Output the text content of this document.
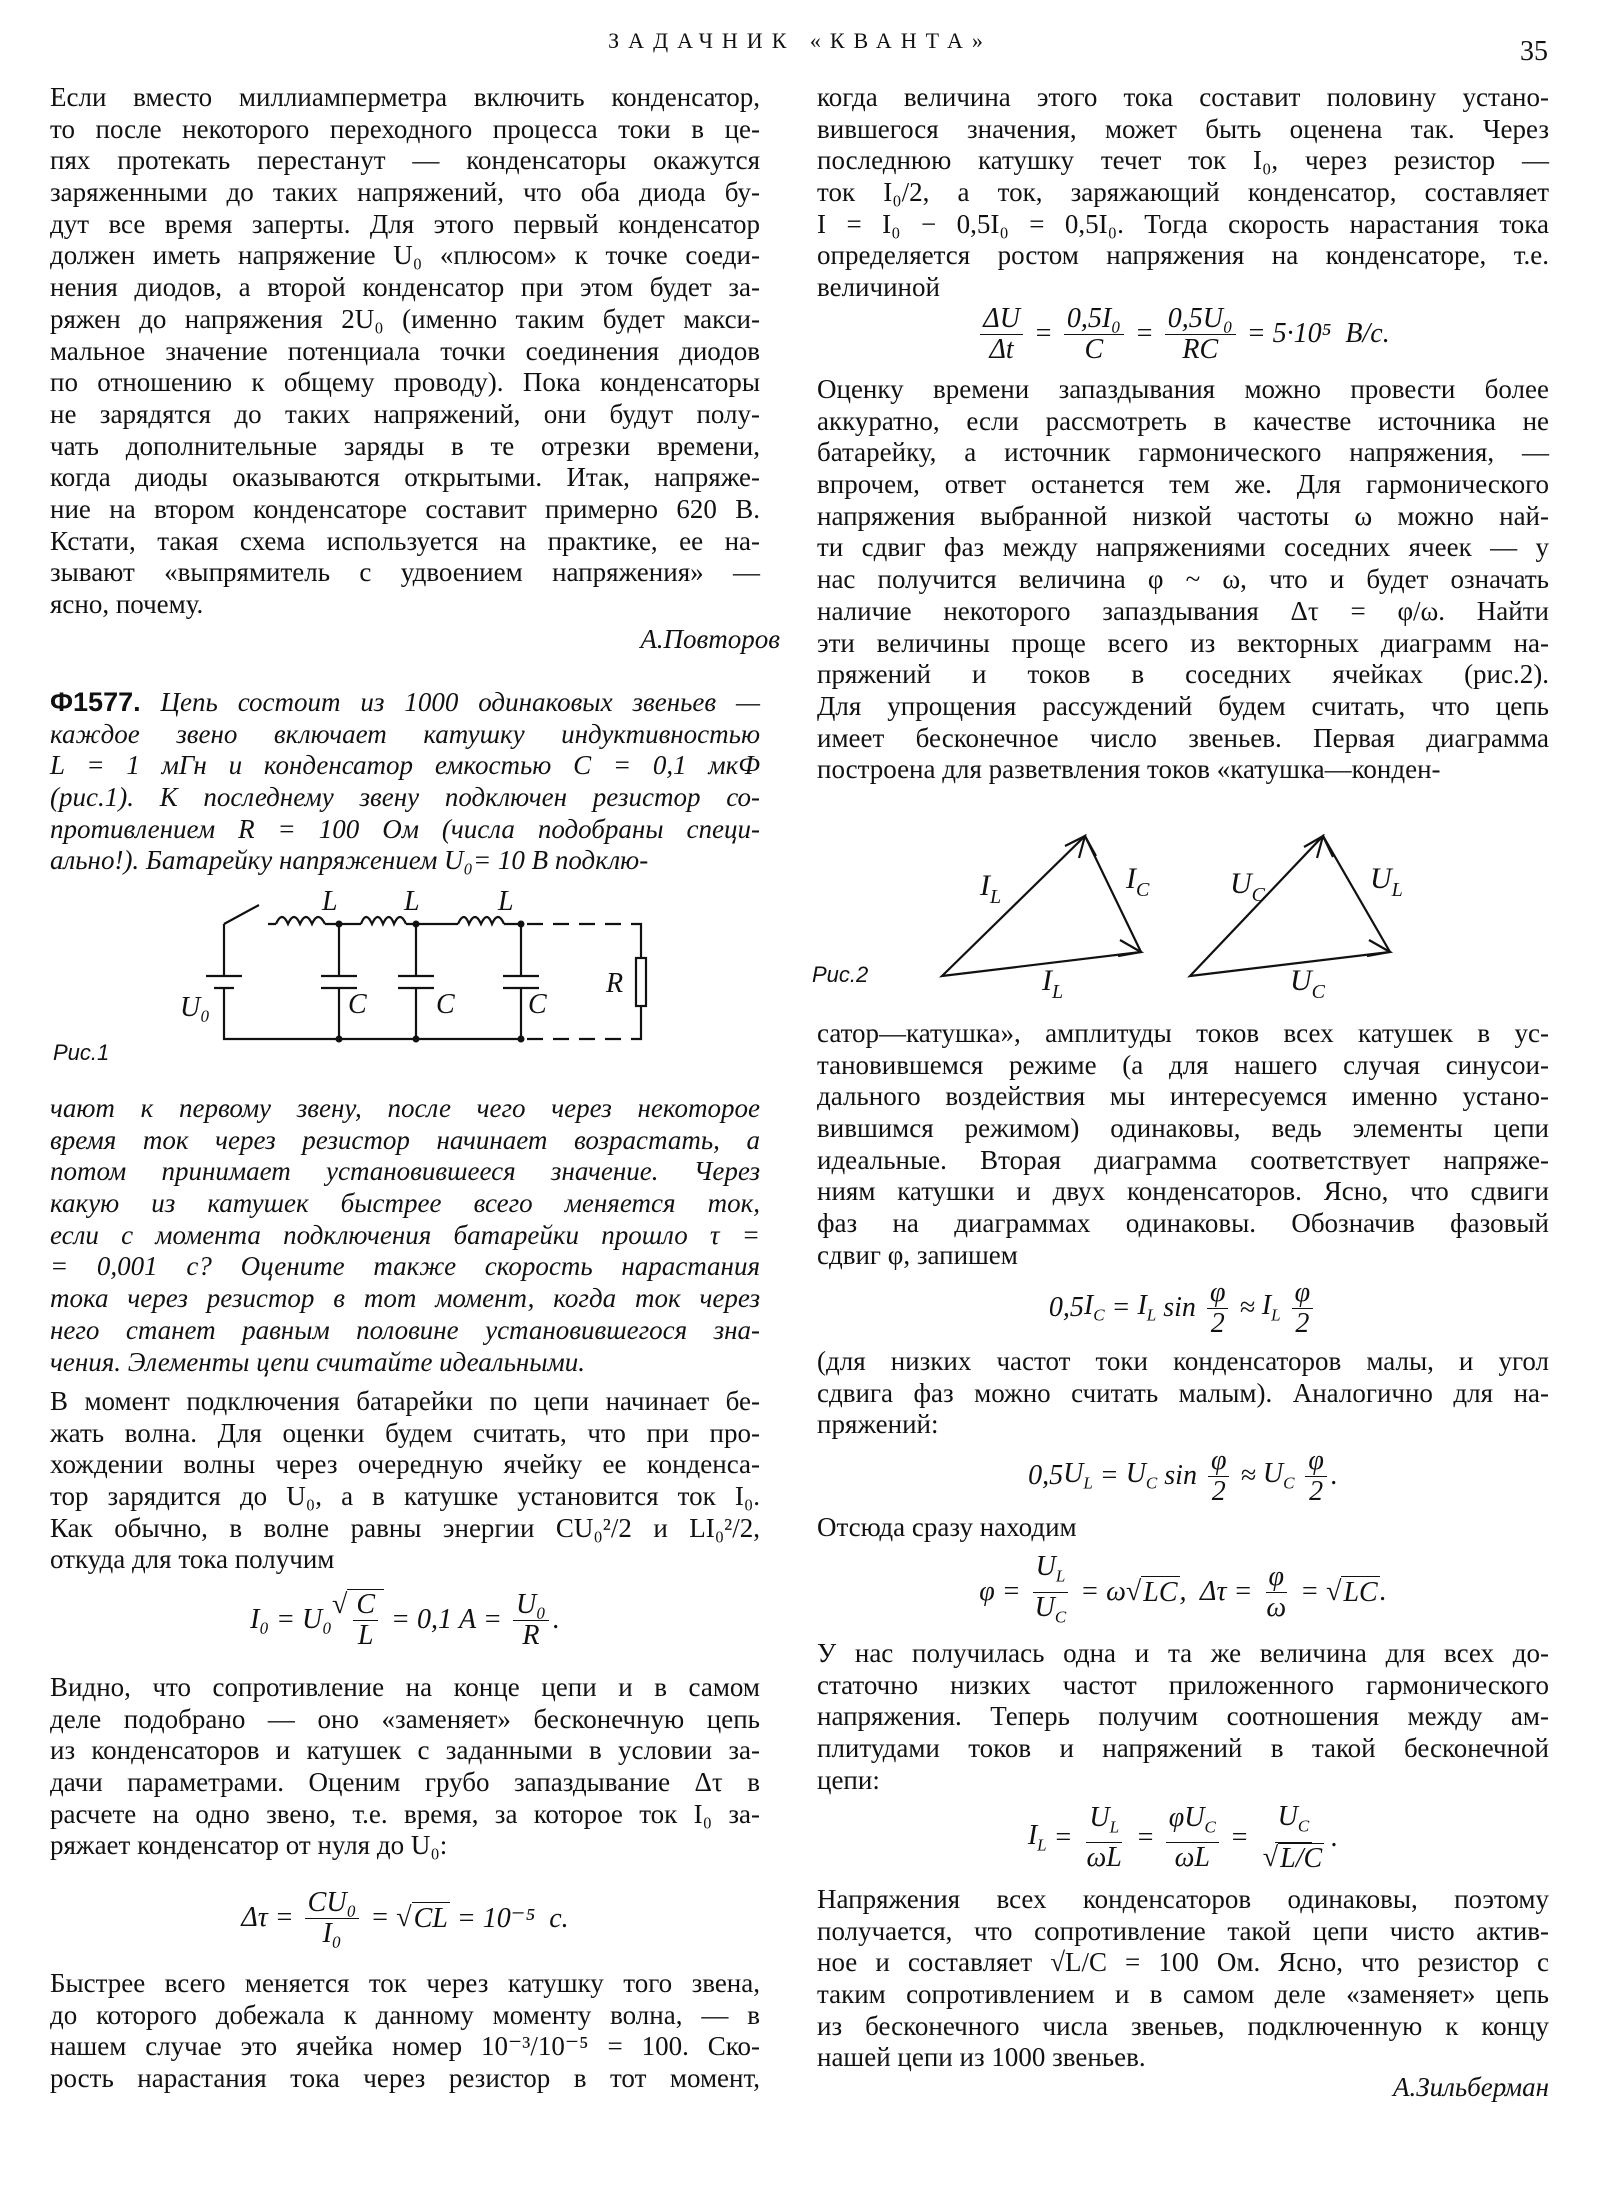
ЗАДАЧНИК «КВАНТА»	35
Если вместо миллиамперметра включить конденсатор,
то после некоторого переходного процесса токи в це-
пях протекать перестанут — конденсаторы окажутся
заряженными до таких напряжений, что оба диода бу-
дут все время заперты. Для этого первый конденсатор
должен иметь напряжение U₀ «плюсом» к точке соеди-
нения диодов, а второй конденсатор при этом будет за-
ряжен до напряжения 2U₀ (именно таким будет макси-
мальное значение потенциала точки соединения диодов
по отношению к общему проводу). Пока конденсаторы
не зарядятся до таких напряжений, они будут полу-
чать дополнительные заряды в те отрезки времени,
когда диоды оказываются открытыми. Итак, напряже-
ние на втором конденсаторе составит примерно 620 В.
Кстати, такая схема используется на практике, ее на-
зывают «выпрямитель с удвоением напряжения» —
ясно, почему.
А.Повторов
Ф1577. Цепь состоит из 1000 одинаковых звеньев —
каждое звено включает катушку индуктивностью
L = 1 мГн и конденсатор емкостью C = 0,1 мкФ
(рис.1). К последнему звену подключен резистор со-
противлением R = 100 Ом (числа подобраны специ-
ально!). Батарейку напряжением U₀= 10 В подклю-
L L	L
C C	C
U₀
R
Рис.1
чают к первому звену, после чего через некоторое
время ток через резистор начинает возрастать, а
потом принимает установившееся значение. Через
какую из катушек быстрее всего меняется ток,
если с момента подключения батарейки прошло τ =
= 0,001 с? Оцените также скорость нарастания
тока через резистор в тот момент, когда ток через
него станет равным половине установившегося зна-
чения. Элементы цепи считайте идеальными.
В момент подключения батарейки по цепи начинает бе-
жать волна. Для оценки будем считать, что при про-
хождении волны через очередную ячейку ее конденса-
тор зарядится до U₀, а в катушке установится ток I₀.
Как обычно, в волне равны энергии CU₀²/2 и LI₀²/2,
откуда для тока получим
I₀ = U₀ √ $\frac{C}{L} = 0,1$ $А = \frac{\text{U₀}}{R}$ .
Видно, что сопротивление на конце цепи и в самом
деле подобрано — оно «заменяет» бесконечную цепь
из конденсаторов и катушек с заданными в условии за-
дачи параметрами. Оценим грубо запаздывание Δτ в
расчете на одно звено, т.е. время, за которое ток I₀ за-
ряжает конденсатор от нуля до U₀:
$\Delta\tau = \frac{\text{CU₀}}{\text{I₀}}$ = √ CL = 10⁻⁵  с.
Быстрее всего меняется ток через катушку того звена,
до которого добежала к данному моменту волна, — в
нашем случае это ячейка номер 10⁻³/10⁻⁵ = 100. Ско-
рость нарастания тока через резистор в тот момент,
когда величина этого тока составит половину устано-
вившегося значения, может быть оценена так. Через
последнюю катушку течет ток I₀, через резистор —
ток I₀/2, а ток, заряжающий конденсатор, составляет
I = I₀ − 0,5I₀ = 0,5I₀. Тогда скорость нарастания тока
определяется ростом напряжения на конденсаторе, т.е.
величиной
$\frac{\Delta U}{\Delta t} = \frac{\text{0,5I₀}}{C} = \frac{\text{0,5U₀}}{RC} = 5\cdot 10^5$  В/с.
Оценку времени запаздывания можно провести более
аккуратно, если рассмотреть в качестве источника не
батарейку, а источник гармонического напряжения, —
впрочем, ответ останется тем же. Для гармонического
напряжения выбранной низкой частоты ω можно най-
ти сдвиг фаз между напряжениями соседних ячеек — у
нас получится величина φ ~ ω, что и будет означать
наличие некоторого запаздывания Δτ = φ/ω. Найти
эти величины проще всего из векторных диаграмм на-
пряжений и токов в соседних ячейках (рис.2).
Для упрощения рассуждений будем считать, что цепь
имеет бесконечное число звеньев. Первая диаграмма
построена для разветвления токов «катушка—конден-
$I_L$
$I_C$
$I_L$
$U_C$	$U_L$
$U_C$
Рис.2
сатор—катушка», амплитуды токов всех катушек в ус-
тановившемся режиме (а для нашего случая синусои-
дального воздействия мы интересуемся именно устано-
вившимся режимом) одинаковы, ведь элементы цепи
идеальные. Вторая диаграмма соответствует напряже-
ниям катушки и двух конденсаторов. Ясно, что сдвиги
фаз на диаграммах одинаковы. Обозначив фазовый
сдвиг φ, запишем
0,5 $I_C = I_L$ $\sin \frac{\varphi}{2} \approx I_L$
$\frac{\varphi}{2}$
(для низких частот токи конденсаторов малы, и угол
сдвига фаз можно считать малым). Аналогично для на-
пряжений:
0,5 $U_L = U_C$ $\sin \frac{\varphi}{2} \approx U_C$
$\frac{\varphi}{2}$ .
Отсюда сразу находим
$\varphi = \frac{U_L}{U_C} = \omega$ √ LC ,  $\Delta\tau = \frac{\varphi}{\omega}$ = √ LC .
У нас получилась одна и та же величина для всех до-
статочно низких частот приложенного гармонического
напряжения. Теперь получим соотношения между ам-
плитудами токов и напряжений в такой бесконечной
цепи:
$I_L = \frac{U_L}{\omega L} = \frac{\varphi U_C}{\omega L} = \frac{U_C}{√ L/C}$ .
Напряжения всех конденсаторов одинаковы, поэтому
получается, что сопротивление такой цепи чисто актив-
ное и составляет √L/C = 100 Ом. Ясно, что резистор с
таким сопротивлением и в самом деле «заменяет» цепь
из бесконечного числа звеньев, подключенную к концу
нашей цепи из 1000 звеньев.
А.Зильберман
